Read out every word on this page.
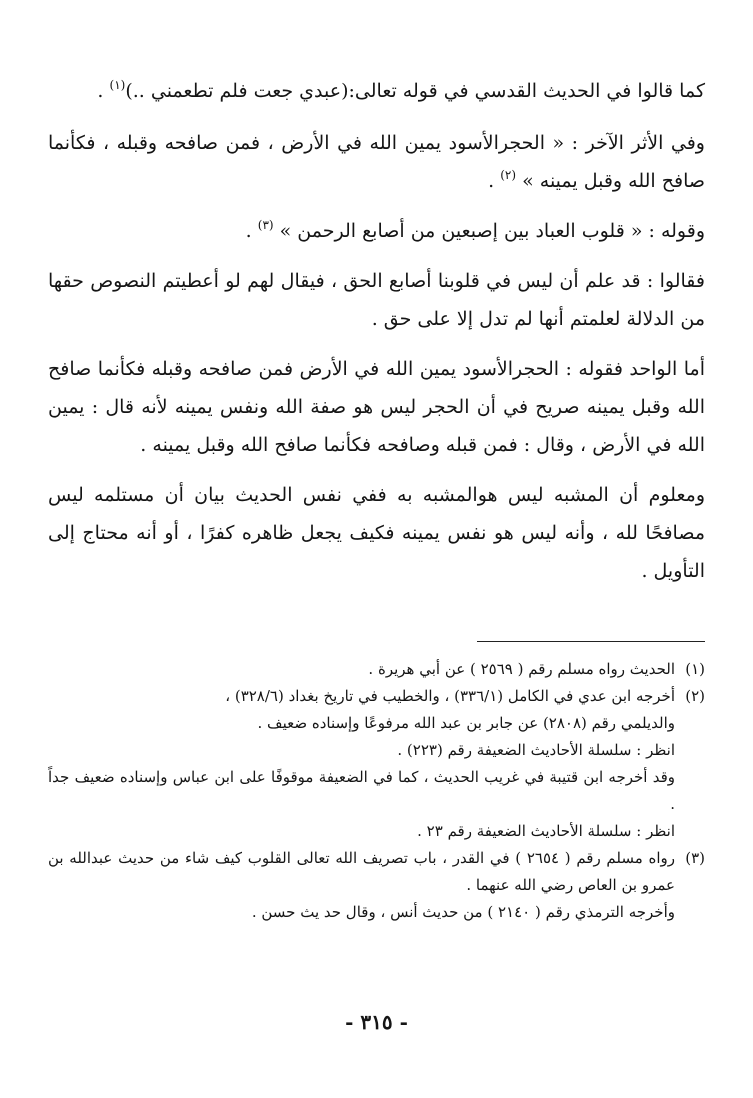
كما قالوا في الحديث القدسي في قوله تعالى:(عبدي جعت فلم تطعمني ..)$^{(١)}$ .

وفي الأثر الآخر : « الحجرالأسود يمين الله في الأرض ، فمن صافحه وقبله ، فكأنما صافح الله وقبل يمينه » $^{(٢)}$ .

وقوله : « قلوب العباد بين إصبعين من أصابع الرحمن » $^{(٣)}$ .

فقالوا : قد علم أن ليس في قلوبنا أصابع الحق ، فيقال لهم لو أعطيتم النصوص حقها من الدلالة لعلمتم أنها لم تدل إلا على حق .

أما الواحد فقوله : الحجرالأسود يمين الله في الأرض فمن صافحه وقبله فكأنما صافح الله وقبل يمينه صريح في أن الحجر ليس هو صفة الله ونفس يمينه لأنه قال : يمين الله في الأرض ، وقال : فمن قبله وصافحه فكأنما صافح الله وقبل يمينه .

ومعلوم أن المشبه ليس هوالمشبه به ففي نفس الحديث بيان أن مستلمه ليس مصافحًا لله ، وأنه ليس هو نفس يمينه فكيف يجعل ظاهره كفرًا ، أو أنه محتاج إلى التأويل .

(١)
الحديث رواه مسلم رقم ( ٢٥٦٩ ) عن أبي هريرة .
(٢)
أخرجه ابن عدي في الكامل (٣٣٦/١) ، والخطيب في تاريخ بغداد (٣٢٨/٦) ،
والديلمي رقم (٢٨٠٨) عن جابر بن عبد الله مرفوعًا وإسناده ضعيف .
انظر : سلسلة الأحاديث الضعيفة رقم (٢٢٣) .
وقد أخرجه ابن قتيبة في غريب الحديث ، كما في الضعيفة موقوفًا على ابن عباس وإسناده ضعيف جداً .
انظر : سلسلة الأحاديث الضعيفة رقم ٢٣ .
(٣)
رواه مسلم رقم ( ٢٦٥٤ ) في القدر ، باب تصريف الله تعالى القلوب كيف شاء من حديث عبدالله بن عمرو بن العاص رضي الله عنهما .
وأخرجه الترمذي رقم ( ٢١٤٠ ) من حديث أنس ، وقال حد يث حسن .
- ٣١٥ -
